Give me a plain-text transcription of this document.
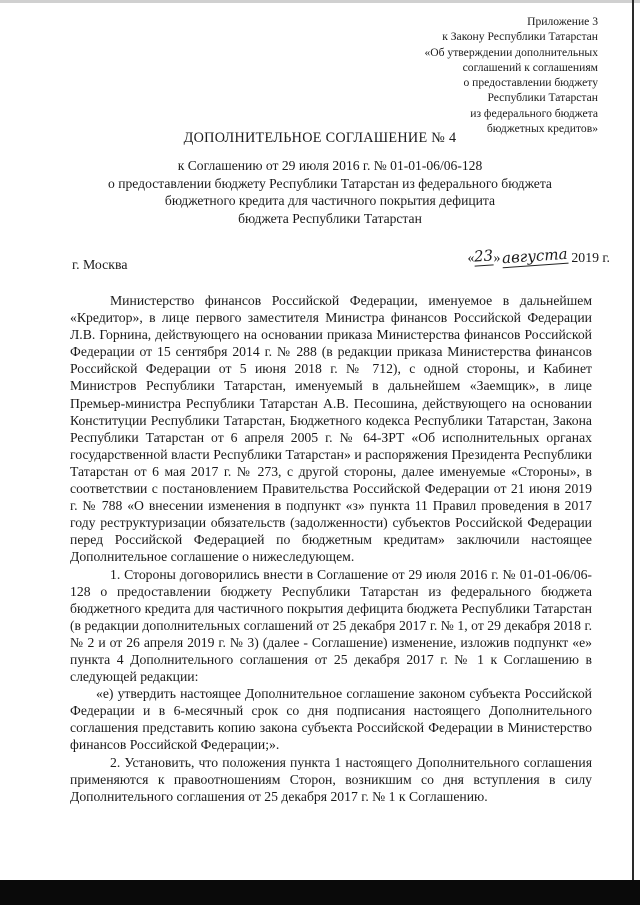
Приложение 3
к Закону Республики Татарстан
«Об утверждении дополнительных
соглашений к соглашениям
о предоставлении бюджету
Республики Татарстан
из федерального бюджета
бюджетных кредитов»
ДОПОЛНИТЕЛЬНОЕ СОГЛАШЕНИЕ № 4
к Соглашению от 29 июля 2016 г. № 01-01-06/06-128
о предоставлении бюджету Республики Татарстан из федерального бюджета
бюджетного кредита для частичного покрытия дефицита
бюджета Республики Татарстан
г. Москва	«23»августа 2019 г.

Министерство финансов Российской Федерации, именуемое в дальнейшем «Кредитор», в лице первого заместителя Министра финансов Российской Федерации Л.В. Горнина, действующего на основании приказа Министерства финансов Российской Федерации от 15 сентября 2014 г. № 288 (в редакции приказа Министерства финансов Российской Федерации от 5 июня 2018 г. № 712), с одной стороны, и Кабинет Министров Республики Татарстан, именуемый в дальнейшем «Заемщик», в лице Премьер-министра Республики Татарстан А.В. Песошина, действующего на основании Конституции Республики Татарстан, Бюджетного кодекса Республики Татарстан, Закона Республики Татарстан от 6 апреля 2005 г. № 64-ЗРТ «Об исполнительных органах государственной власти Республики Татарстан» и распоряжения Президента Республики Татарстан от 6 мая 2017 г. № 273, с другой стороны, далее именуемые «Стороны», в соответствии с постановлением Правительства Российской Федерации от 21 июня 2019 г. № 788 «О внесении изменения в подпункт «з» пункта 11 Правил проведения в 2017 году реструктуризации обязательств (задолженности) субъектов Российской Федерации перед Российской Федерацией по бюджетным кредитам» заключили настоящее Дополнительное соглашение о нижеследующем.

1. Стороны договорились внести в Соглашение от 29 июля 2016 г. № 01-01-06/06-128 о предоставлении бюджету Республики Татарстан из федерального бюджета бюджетного кредита для частичного покрытия дефицита бюджета Республики Татарстан (в редакции дополнительных соглашений от 25 декабря 2017 г. № 1, от 29 декабря 2018 г. № 2 и от 26 апреля 2019 г. № 3) (далее - Соглашение) изменение, изложив подпункт «е» пункта 4 Дополнительного соглашения от 25 декабря 2017 г. № 1 к Соглашению в следующей редакции:

«е) утвердить настоящее Дополнительное соглашение законом субъекта Российской Федерации и в 6-месячный срок со дня подписания настоящего Дополнительного соглашения представить копию закона субъекта Российской Федерации в Министерство финансов Российской Федерации;».

2. Установить, что положения пункта 1 настоящего Дополнительного соглашения применяются к правоотношениям Сторон, возникшим со дня вступления в силу Дополнительного соглашения от 25 декабря 2017 г. № 1 к Соглашению.
